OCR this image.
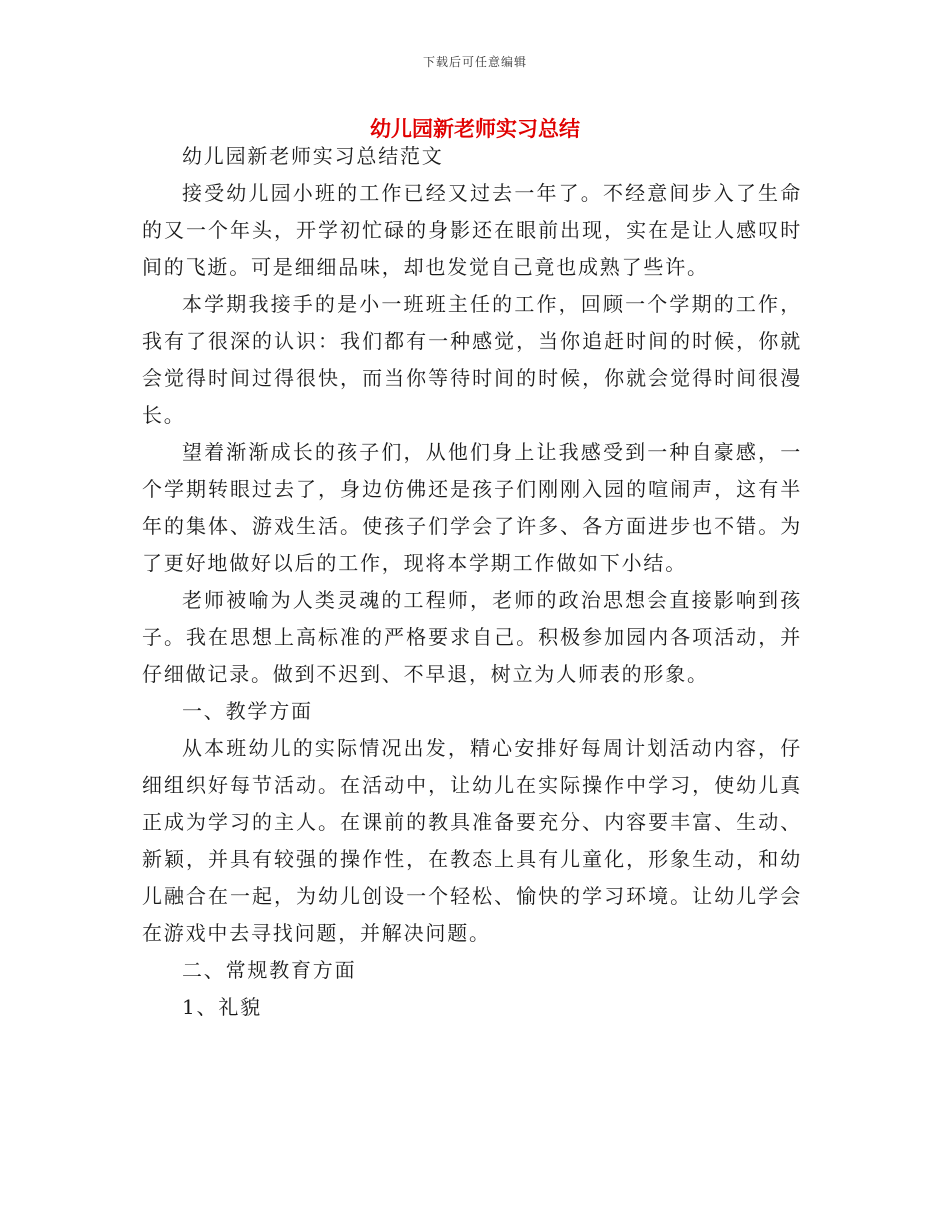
下载后可任意编辑
幼儿园新老师实习总结

幼儿园新老师实习总结范文

接受幼儿园小班的工作已经又过去一年了。不经意间步入了生命的又一个年头，开学初忙碌的身影还在眼前出现，实在是让人感叹时间的飞逝。可是细细品味，却也发觉自己竟也成熟了些许。

本学期我接手的是小一班班主任的工作，回顾一个学期的工作，我有了很深的认识：我们都有一种感觉，当你追赶时间的时候，你就会觉得时间过得很快，而当你等待时间的时候，你就会觉得时间很漫长。

望着渐渐成长的孩子们，从他们身上让我感受到一种自豪感，一个学期转眼过去了，身边仿佛还是孩子们刚刚入园的喧闹声，这有半年的集体、游戏生活。使孩子们学会了许多、各方面进步也不错。为了更好地做好以后的工作，现将本学期工作做如下小结。

老师被喻为人类灵魂的工程师，老师的政治思想会直接影响到孩子。我在思想上高标准的严格要求自己。积极参加园内各项活动，并仔细做记录。做到不迟到、不早退，树立为人师表的形象。

一、教学方面

从本班幼儿的实际情况出发，精心安排好每周计划活动内容，仔细组织好每节活动。在活动中，让幼儿在实际操作中学习，使幼儿真正成为学习的主人。在课前的教具准备要充分、内容要丰富、生动、新颖，并具有较强的操作性，在教态上具有儿童化，形象生动，和幼儿融合在一起，为幼儿创设一个轻松、愉快的学习环境。让幼儿学会在游戏中去寻找问题，并解决问题。

二、常规教育方面

1、礼貌
